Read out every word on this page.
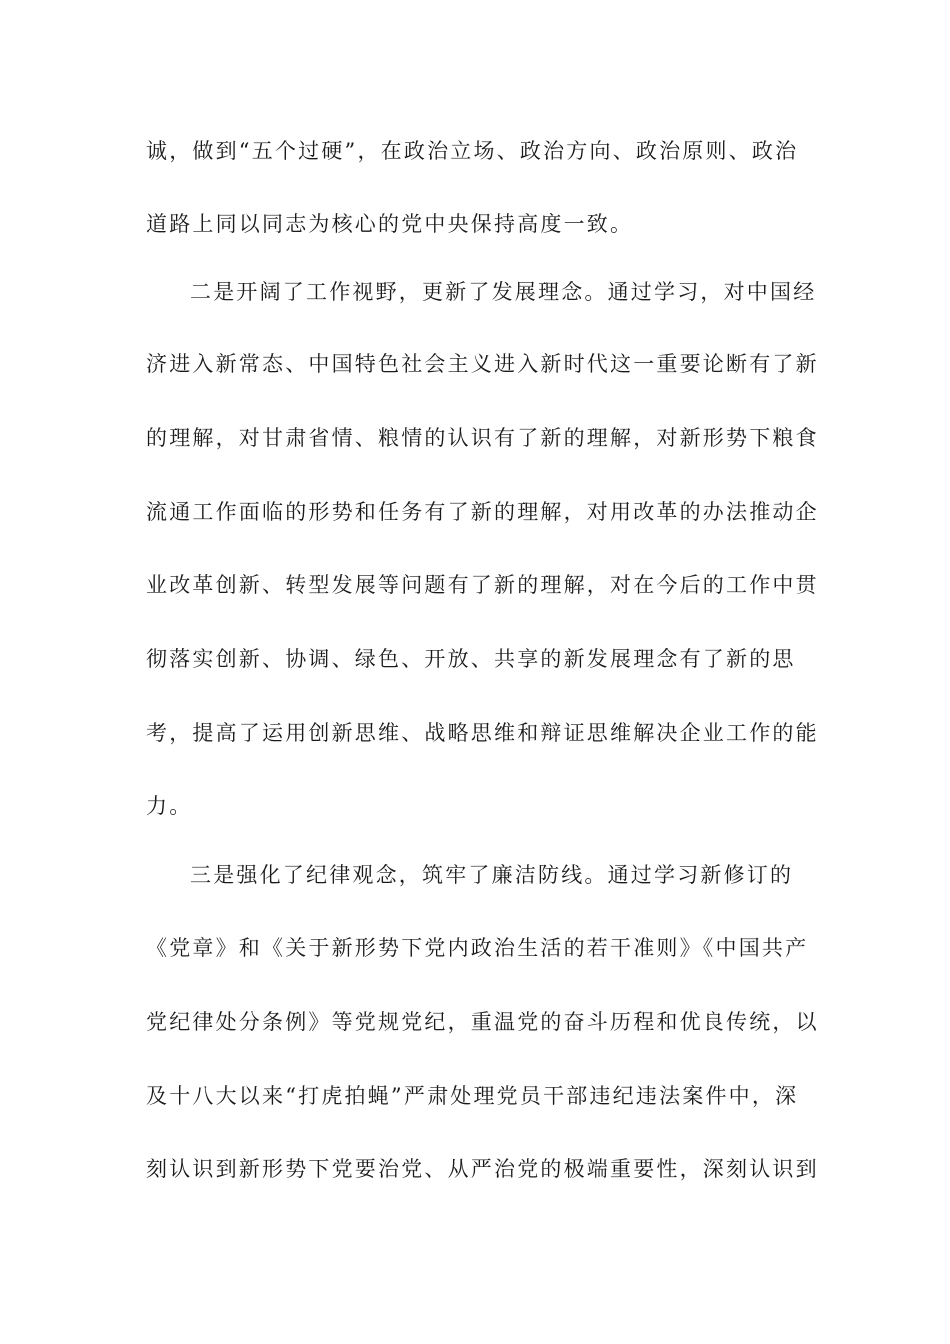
诚，做到“五个过硬”，在政治立场、政治方向、政治原则、政治
道路上同以同志为核心的党中央保持高度一致。
二是开阔了工作视野，更新了发展理念。通过学习，对中国经
济进入新常态、中国特色社会主义进入新时代这一重要论断有了新
的理解，对甘肃省情、粮情的认识有了新的理解，对新形势下粮食
流通工作面临的形势和任务有了新的理解，对用改革的办法推动企
业改革创新、转型发展等问题有了新的理解，对在今后的工作中贯
彻落实创新、协调、绿色、开放、共享的新发展理念有了新的思
考，提高了运用创新思维、战略思维和辩证思维解决企业工作的能
力。
三是强化了纪律观念，筑牢了廉洁防线。通过学习新修订的
《党章》和《关于新形势下党内政治生活的若干准则》《中国共产
党纪律处分条例》等党规党纪，重温党的奋斗历程和优良传统，以
及十八大以来“打虎拍蝇”严肃处理党员干部违纪违法案件中，深
刻认识到新形势下党要治党、从严治党的极端重要性，深刻认识到
